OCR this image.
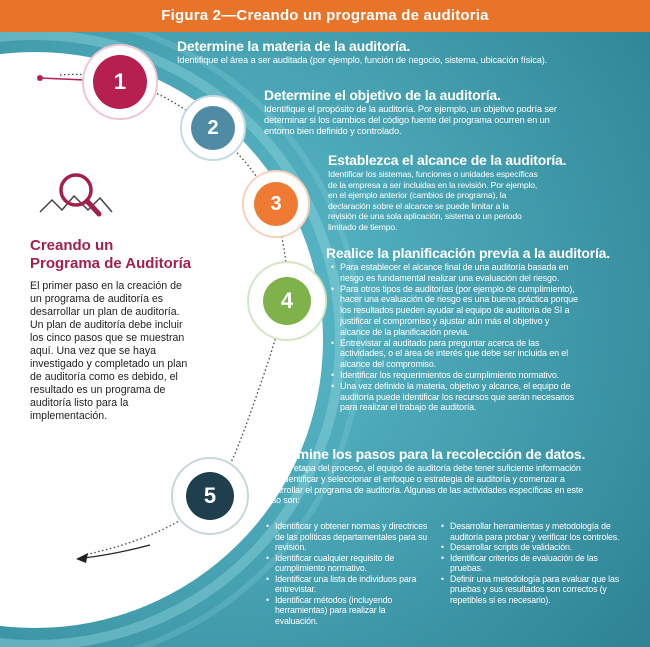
Figura 2—Creando un programa de auditoria
1
2
3
4
5
Determine la materia de la auditoría.
Identifique el área a ser auditada (por ejemplo, función de negocio, sistema, ubicación física).
Determine el objetivo de la auditoría.
Identifique el propósito de la auditoría. Por ejemplo, un objetivo podría ser determinar si los cambios del código fuente del programa ocurren en un entorno bien definido y controlado.
Establezca el alcance de la auditoría.
Identificar los sistemas, funciones o unidades específicas de la empresa a ser incluidas en la revisión. Por ejemplo, en el ejemplo anterior (cambios de programa), la declaración sobre el alcance se puede limitar a la revisión de una sola aplicación, sistema o un periodo limitado de tiempo.
Realice la planificación previa a la auditoría.
• Para establecer el alcance final de una auditoría basada en riesgo es fundamental realizar una evaluación del riesgo.
• Para otros tipos de auditorías (por ejemplo de cumplimiento), hacer una evaluación de riesgo es una buena práctica porque los resultados pueden ayudar al equipo de auditoría de SI a justificar el compromiso y ajustar aún más el objetivo y alcance de la planificación previa.
• Entrevistar al auditado para preguntar acerca de las actividades, o el área de interés que debe ser incluida en el alcance del compromiso.
• Identificar los requerimientos de cumplimiento normativo.
• Una vez definido la materia, objetivo y alcance, el equipo de auditoría puede identificar los recursos que serán necesarios para realizar el trabajo de auditoría.
Determine los pasos para la recolección de datos.
En esta etapa del proceso, el equipo de auditoría debe tener suficiente información para identificar y seleccionar el enfoque o estrategia de auditoría y comenzar a desarrollar el programa de auditoría. Algunas de las actividades específicas en este paso son:
• Identificar y obtener normas y directrices de las políticas departamentales para su revisión.
• Identificar cualquier requisito de cumplimiento normativo.
• Identificar una lista de individuos para entrevistar.
• Identificar métodos (incluyendo herramientas) para realizar la evaluación.
• Desarrollar herramientas y metodología de auditoría para probar y verificar los controles.
• Desarrollar scripts de validación.
• Identificar criterios de evaluación de las pruebas.
• Definir una metodología para evaluar que las pruebas y sus resultados son correctos (y repetibles si es necesario).
Creando un
Programa de Auditoría
El primer paso en la creación de un programa de auditoría es desarrollar un plan de auditoría. Un plan de auditoría debe incluir los cinco pasos que se muestran aquí. Una vez que se haya investigado y completado un plan de auditoría como es debido, el resultado es un programa de auditoría listo para la implementación.
